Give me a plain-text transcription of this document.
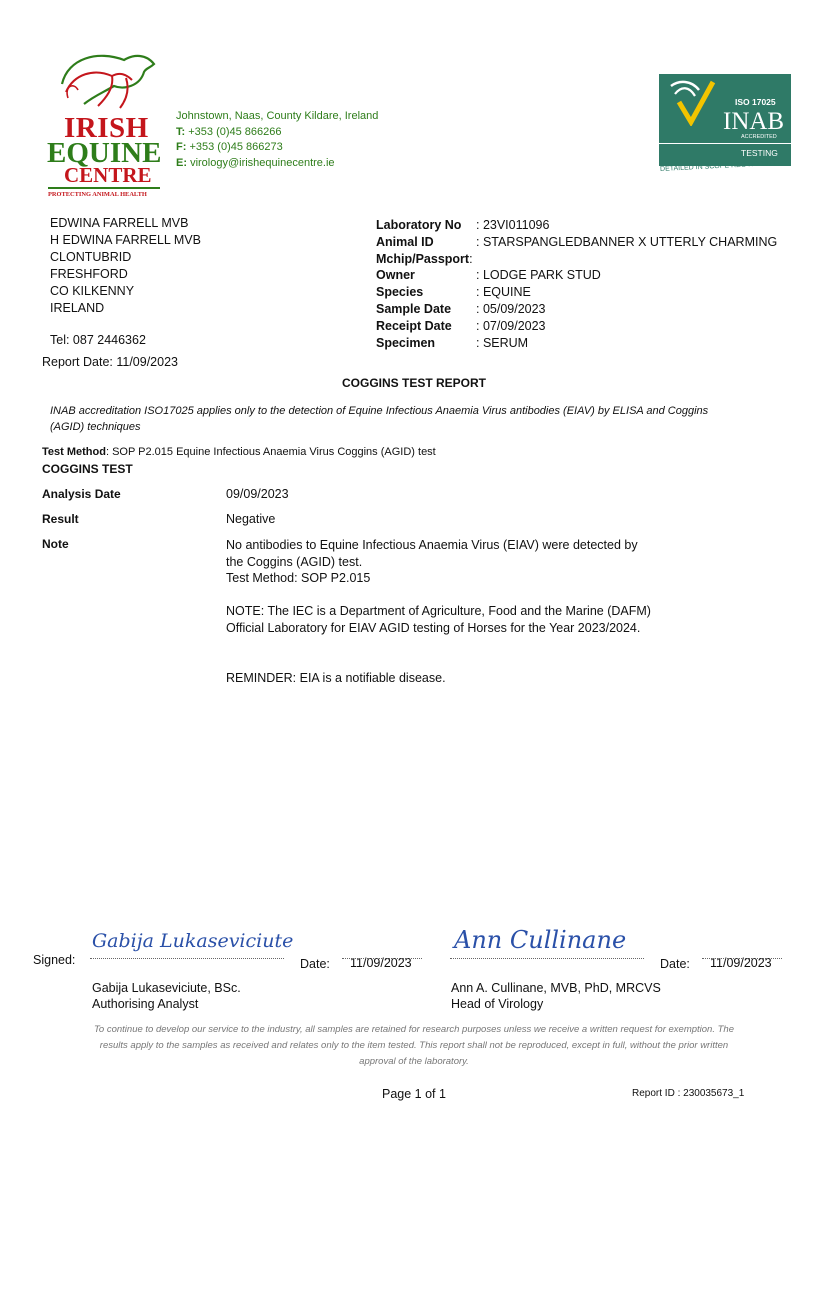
IRISH
EQUINE
CENTRE
PROTECTING ANIMAL HEALTH
Johnstown, Naas, County Kildare, Ireland
T: +353 (0)45 866266
F: +353 (0)45 866273
E: virology@irishequinecentre.ie
ISO 17025
INAB
ACCREDITED
TESTING
DETAILED IN SCOPE REG NO.151T
EDWINA FARRELL MVB
H EDWINA FARRELL MVB
CLONTUBRID
FRESHFORD
CO KILKENNY
IRELAND
Tel: 087 2446362
Report Date: 11/09/2023
Laboratory No	: 23VI011096
Animal ID	: STARSPANGLEDBANNER X UTTERLY CHARMING
Mchip/Passport:
Owner	: LODGE PARK STUD
Species	: EQUINE
Sample Date	: 05/09/2023
Receipt Date	: 07/09/2023
Specimen	: SERUM
COGGINS TEST REPORT
INAB accreditation ISO17025 applies only to the detection of Equine Infectious Anaemia Virus antibodies (EIAV) by ELISA and Coggins (AGID) techniques
Test Method: SOP P2.015 Equine Infectious Anaemia Virus Coggins (AGID) test
COGGINS TEST
Analysis Date	09/09/2023
Result	Negative
Note	No antibodies to Equine Infectious Anaemia Virus (EIAV) were detected by the Coggins (AGID) test.
Test Method: SOP P2.015
NOTE: The IEC is a Department of Agriculture, Food and the Marine (DAFM) Official Laboratory for EIAV AGID testing of Horses for the Year 2023/2024.
REMINDER: EIA is a notifiable disease.
Signed:
Gabija Lukaseviciute
Date: 11/09/2023
Ann Cullinane
Date: 11/09/2023
Gabija Lukaseviciute, BSc.
Authorising Analyst
Ann A. Cullinane, MVB, PhD, MRCVS
Head of Virology
To continue to develop our service to the industry, all samples are retained for research purposes unless we receive a written request for exemption. The results apply to the samples as received and relates only to the item tested. This report shall not be reproduced, except in full, without the prior written approval of the laboratory.
Page 1 of 1	Report ID : 230035673_1
